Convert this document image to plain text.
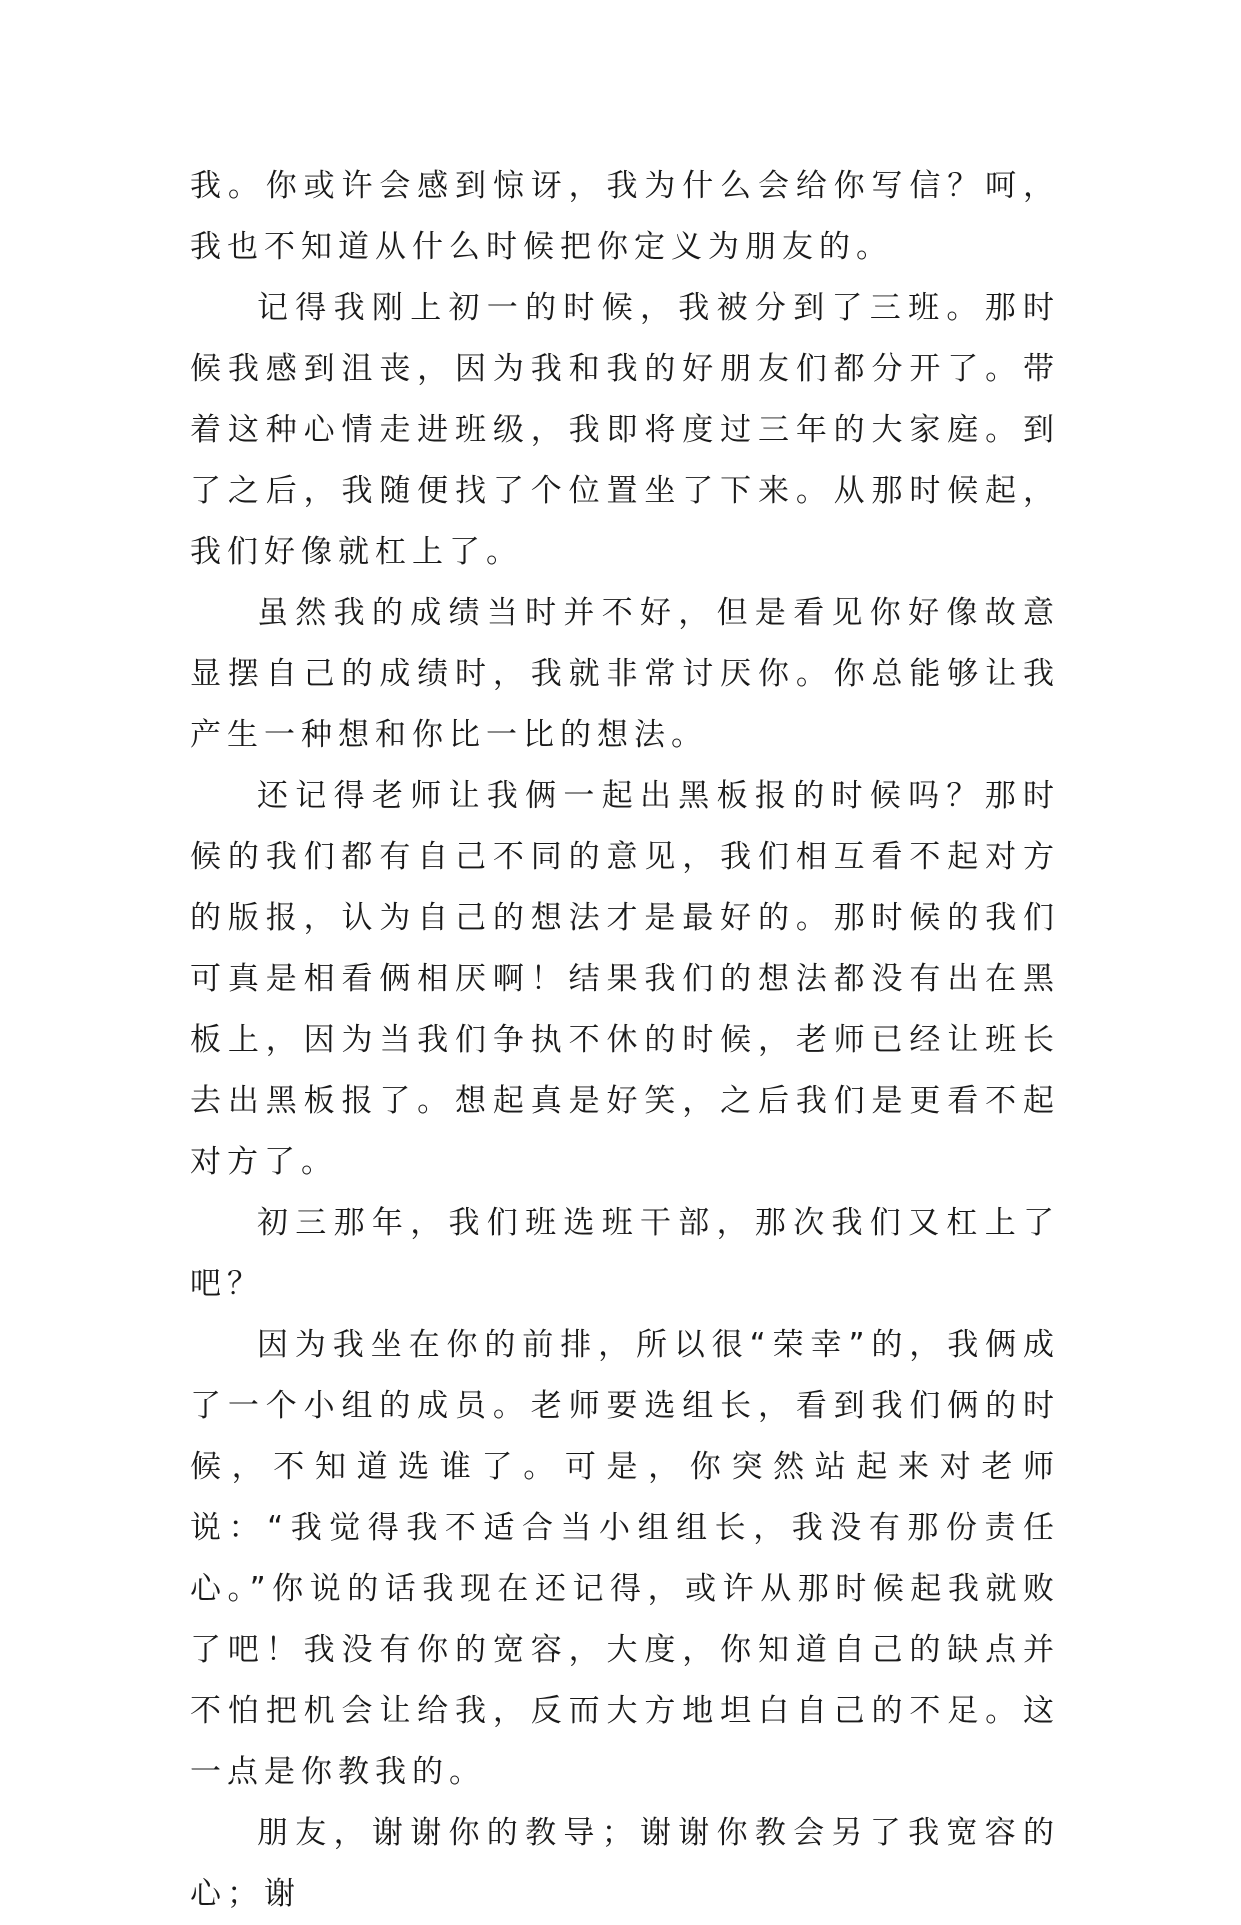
我。你或许会感到惊讶，我为什么会给你写信？呵，我也不知道从什么时候把你定义为朋友的。

记得我刚上初一的时候，我被分到了三班。那时候我感到沮丧，因为我和我的好朋友们都分开了。带着这种心情走进班级，我即将度过三年的大家庭。到了之后，我随便找了个位置坐了下来。从那时候起，我们好像就杠上了。

虽然我的成绩当时并不好，但是看见你好像故意显摆自己的成绩时，我就非常讨厌你。你总能够让我产生一种想和你比一比的想法。

还记得老师让我俩一起出黑板报的时候吗？那时候的我们都有自己不同的意见，我们相互看不起对方的版报，认为自己的想法才是最好的。那时候的我们可真是相看俩相厌啊！结果我们的想法都没有出在黑板上，因为当我们争执不休的时候，老师已经让班长去出黑板报了。想起真是好笑，之后我们是更看不起对方了。

初三那年，我们班选班干部，那次我们又杠上了吧？

因为我坐在你的前排，所以很“荣幸”的，我俩成了一个小组的成员。老师要选组长，看到我们俩的时候，不知道选谁了。可是，你突然站起来对老师说：“我觉得我不适合当小组组长，我没有那份责任心。”你说的话我现在还记得，或许从那时候起我就败了吧！我没有你的宽容，大度，你知道自己的缺点并不怕把机会让给我，反而大方地坦白自己的不足。这一点是你教我的。

朋友，谢谢你的教导；谢谢你教会另了我宽容的心；谢
